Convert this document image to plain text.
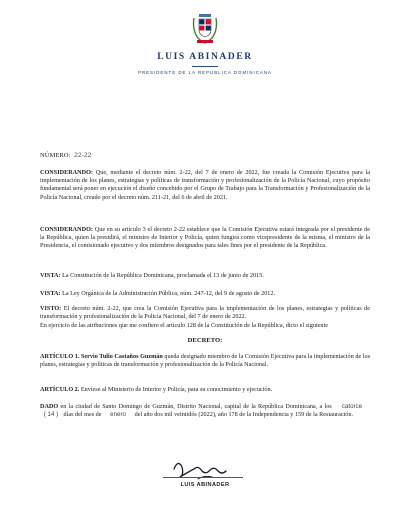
LUIS ABINADER
PRESIDENTE DE LA REPÚBLICA DOMINICANA
NÚMERO: 22-22
CONSIDERANDO: Que, mediante el decreto núm. 2-22, del 7 de enero de 2022, fue creada la Comisión Ejecutiva para la implementación de los planes, estrategias y políticas de transformación y profesionalización de la Policía Nacional, cuyo propósito fundamental será poner en ejecución el diseño concebido por el Grupo de Trabajo para la Transformación y Profesionalización de la Policía Nacional, creado por el decreto núm. 211-21, del 6 de abril de 2021.
CONSIDERANDO: Que en su artículo 3 el decreto 2-22 establece que la Comisión Ejecutiva estará integrada por el presidente de la República, quien la presidirá, el ministro de Interior y Policía, quien fungirá como vicepresidente de la misma, el ministro de la Presidencia, el comisionado ejecutivo y dos miembros designados para tales fines por el presidente de la República.
VISTA: La Constitución de la República Dominicana, proclamada el 13 de junio de 2015.
VISTA: La Ley Orgánica de la Administración Pública, núm. 247-12, del 9 de agosto de 2012.
VISTO: El decreto núm. 2-22, que crea la Comisión Ejecutiva para la implementación de los planes, estrategias y políticas de transformación y profesionalización de la Policía Nacional, del 7 de enero de 2022.
En ejercicio de las atribuciones que me confiere el artículo 128 de la Constitución de la República, dicto el siguiente
DECRETO:
ARTÍCULO 1. Servio Tulio Castaños Guzmán queda designado miembro de la Comisión Ejecutiva para la implementación de los planes, estrategias y políticas de transformación y profesionalización de la Policía Nacional.
ARTÍCULO 2. Envíese al Ministerio de Interior y Policía, para su conocimiento y ejecución.
DADO en la ciudad de Santo Domingo de Guzmán, Distrito Nacional, capital de la República Dominicana, a los catorce( 14 ) días del mes de enero del año dos mil veintidós (2022), año 178 de la Independencia y 159 de la Restauración.
LUIS ABINADER
